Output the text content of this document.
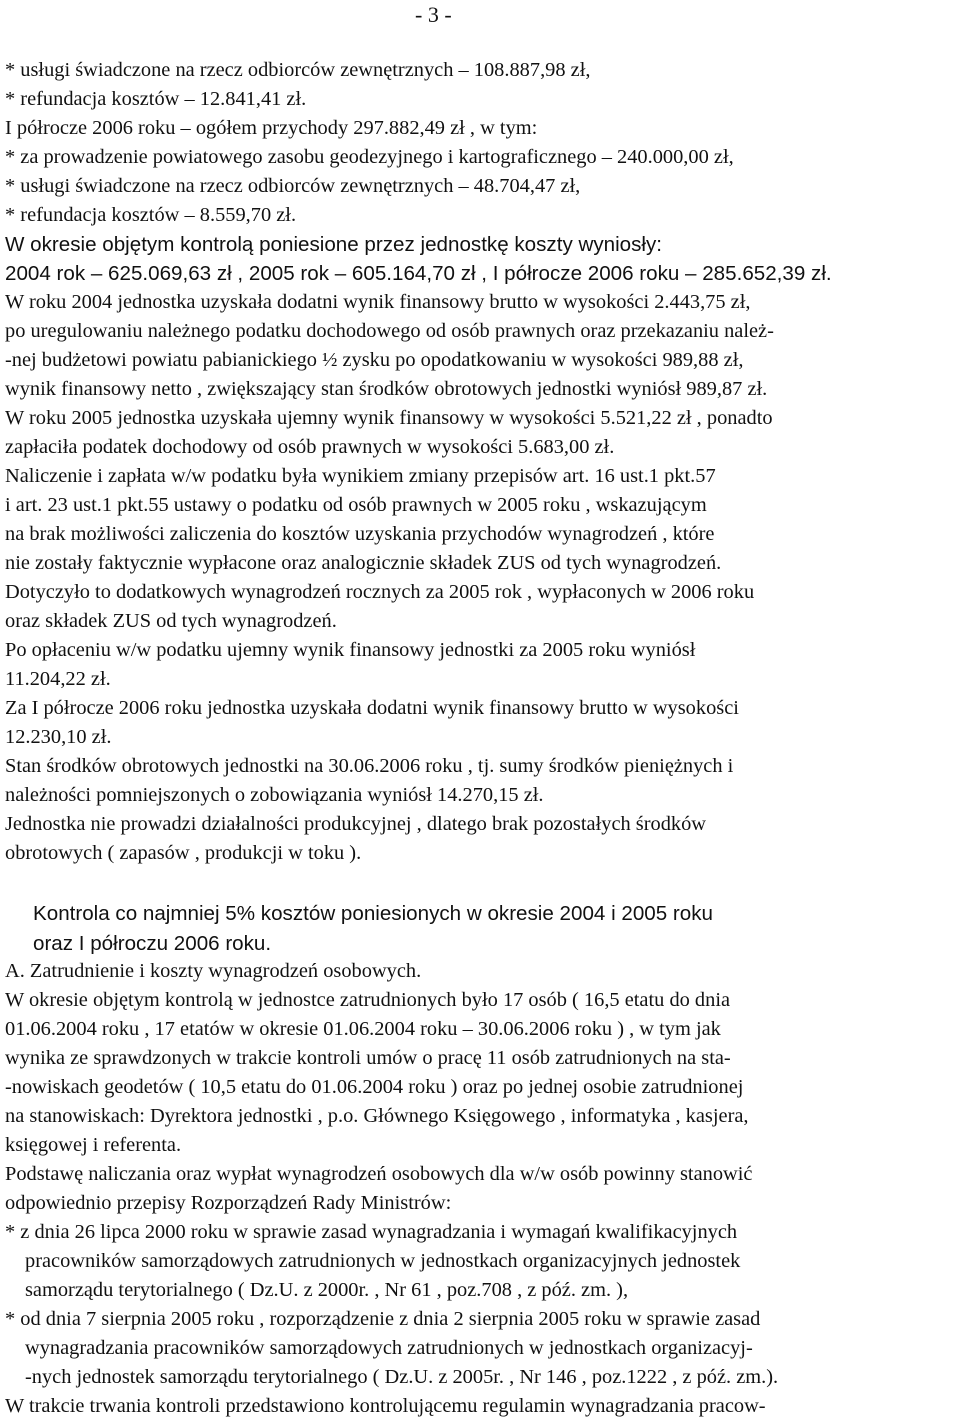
- 3 -
* usługi świadczone na rzecz odbiorców zewnętrznych – 108.887,98 zł,
* refundacja kosztów – 12.841,41 zł.
I półrocze 2006 roku – ogółem przychody 297.882,49 zł , w tym:
* za prowadzenie powiatowego zasobu geodezyjnego i kartograficznego – 240.000,00 zł,
* usługi świadczone na rzecz odbiorców zewnętrznych – 48.704,47 zł,
* refundacja kosztów – 8.559,70 zł.
W okresie objętym kontrolą poniesione przez jednostkę koszty wyniosły:
2004 rok – 625.069,63 zł , 2005 rok – 605.164,70 zł , I półrocze 2006 roku – 285.652,39 zł.
W roku 2004 jednostka uzyskała dodatni wynik finansowy brutto w wysokości 2.443,75 zł,
po uregulowaniu należnego podatku dochodowego od osób prawnych oraz przekazaniu należ-
-nej budżetowi powiatu pabianickiego ½ zysku po opodatkowaniu w wysokości 989,88 zł,
wynik finansowy netto , zwiększający stan środków obrotowych jednostki wyniósł 989,87 zł.
W roku 2005 jednostka uzyskała ujemny wynik finansowy w wysokości 5.521,22 zł , ponadto
zapłaciła podatek dochodowy od osób prawnych w wysokości 5.683,00 zł.
Naliczenie i zapłata w/w podatku była wynikiem zmiany przepisów art. 16 ust.1 pkt.57
i art. 23 ust.1 pkt.55 ustawy o podatku od osób prawnych w 2005 roku , wskazującym
na brak możliwości zaliczenia do kosztów uzyskania przychodów wynagrodzeń , które
nie zostały faktycznie wypłacone oraz analogicznie składek ZUS od tych wynagrodzeń.
Dotyczyło to dodatkowych wynagrodzeń rocznych za 2005 rok , wypłaconych w 2006 roku
oraz składek ZUS od tych wynagrodzeń.
Po opłaceniu w/w podatku ujemny wynik finansowy jednostki za 2005 roku wyniósł
11.204,22 zł.
Za I półrocze 2006 roku jednostka uzyskała dodatni wynik finansowy brutto w wysokości
12.230,10 zł.
Stan środków obrotowych jednostki na 30.06.2006 roku , tj. sumy środków pieniężnych i
należności pomniejszonych o zobowiązania wyniósł 14.270,15 zł.
Jednostka nie prowadzi działalności produkcyjnej , dlatego brak pozostałych środków
obrotowych ( zapasów , produkcji w toku ).
Kontrola co najmniej 5% kosztów poniesionych w okresie 2004 i 2005 roku
oraz I półroczu 2006 roku.
A. Zatrudnienie i koszty wynagrodzeń osobowych.
W okresie objętym kontrolą w jednostce zatrudnionych było 17 osób ( 16,5 etatu do dnia
01.06.2004 roku , 17 etatów w okresie 01.06.2004 roku – 30.06.2006 roku ) , w tym jak
wynika ze sprawdzonych w trakcie kontroli umów o pracę 11 osób zatrudnionych na sta-
-nowiskach geodetów ( 10,5 etatu do 01.06.2004 roku ) oraz po jednej osobie zatrudnionej
na stanowiskach: Dyrektora jednostki , p.o. Głównego Księgowego , informatyka , kasjera,
księgowej i referenta.
Podstawę naliczania oraz wypłat wynagrodzeń osobowych dla w/w osób powinny stanowić
odpowiednio przepisy Rozporządzeń Rady Ministrów:
* z dnia 26 lipca 2000 roku w sprawie zasad wynagradzania i wymagań kwalifikacyjnych
pracowników samorządowych zatrudnionych w jednostkach organizacyjnych jednostek
samorządu terytorialnego ( Dz.U. z 2000r. , Nr 61 , poz.708 , z póź. zm. ),
* od dnia 7 sierpnia 2005 roku , rozporządzenie z dnia 2 sierpnia 2005 roku w sprawie zasad
wynagradzania pracowników samorządowych zatrudnionych w jednostkach organizacyj-
-nych jednostek samorządu terytorialnego ( Dz.U. z 2005r. , Nr 146 , poz.1222 , z póź. zm.).
W trakcie trwania kontroli przedstawiono kontrolującemu regulamin wynagradzania pracow-
